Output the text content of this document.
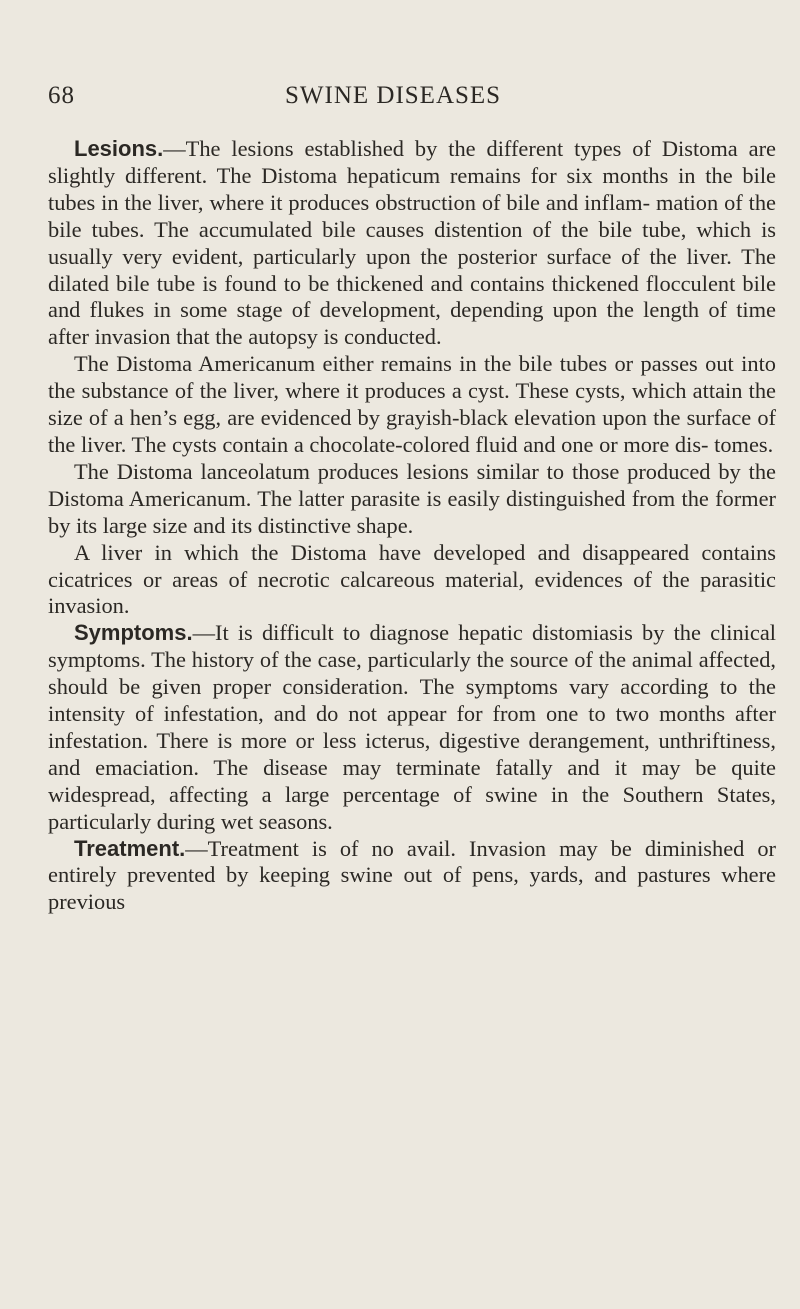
68	SWINE DISEASES

Lesions.—The lesions established by the different types of Distoma are slightly different. The Distoma hepaticum remains for six months in the bile tubes in the liver, where it produces obstruction of bile and inflam- mation of the bile tubes. The accumulated bile causes distention of the bile tube, which is usually very evident, particularly upon the posterior surface of the liver. The dilated bile tube is found to be thickened and contains thickened flocculent bile and flukes in some stage of development, depending upon the length of time after invasion that the autopsy is conducted.

The Distoma Americanum either remains in the bile tubes or passes out into the substance of the liver, where it produces a cyst. These cysts, which attain the size of a hen’s egg, are evidenced by grayish-black elevation upon the surface of the liver. The cysts contain a chocolate-colored fluid and one or more dis- tomes.

The Distoma lanceolatum produces lesions similar to those produced by the Distoma Americanum. The latter parasite is easily distinguished from the former by its large size and its distinctive shape.

A liver in which the Distoma have developed and disappeared contains cicatrices or areas of necrotic calcareous material, evidences of the parasitic invasion.

Symptoms.—It is difficult to diagnose hepatic distomiasis by the clinical symptoms. The history of the case, particularly the source of the animal affected, should be given proper consideration. The symptoms vary according to the intensity of infestation, and do not appear for from one to two months after infestation. There is more or less icterus, digestive derangement, unthriftiness, and emaciation. The disease may terminate fatally and it may be quite widespread, affecting a large percentage of swine in the Southern States, particularly during wet seasons.

Treatment.—Treatment is of no avail. Invasion may be diminished or entirely prevented by keeping swine out of pens, yards, and pastures where previous
